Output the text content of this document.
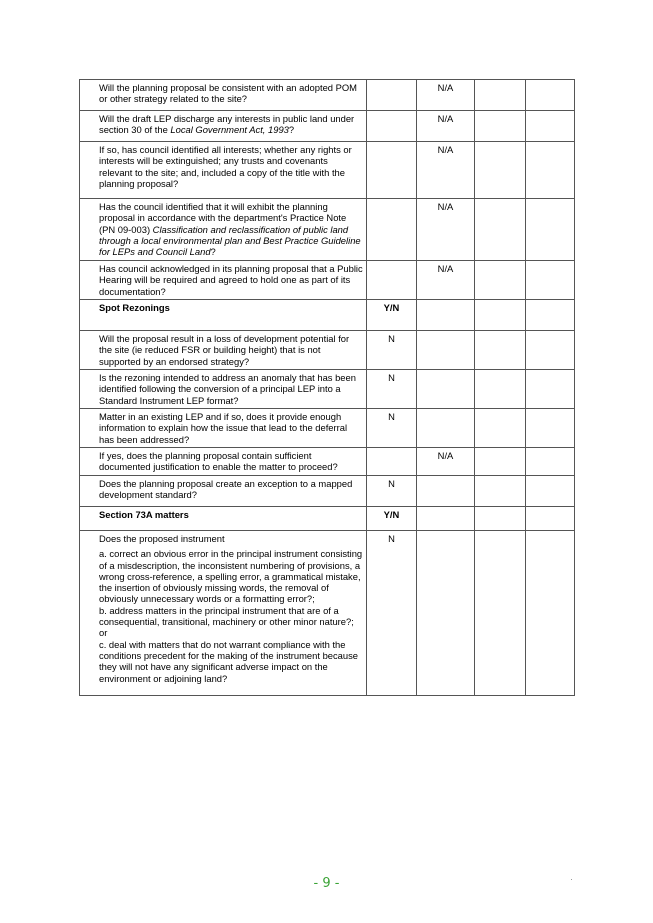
Will the planning proposal be consistent with an adopted POM or other strategy related to the site?		N/A		
Will the draft LEP discharge any interests in public land under section 30 of the Local Government Act, 1993?		N/A		
If so, has council identified all interests; whether any rights or interests will be extinguished; any trusts and covenants relevant to the site; and, included a copy of the title with the planning proposal?		N/A		
Has the council identified that it will exhibit the planning proposal in accordance with the department's Practice Note (PN 09-003) Classification and reclassification of public land through a local environmental plan and Best Practice Guideline for LEPs and Council Land?		N/A		
Has council acknowledged in its planning proposal that a Public Hearing will be required and agreed to hold one as part of its documentation?		N/A		
Spot Rezonings	Y/N			
Will the proposal result in a loss of development potential for the site (ie reduced FSR or building height) that is not supported by an endorsed strategy?	N			
Is the rezoning intended to address an anomaly that has been identified following the conversion of a principal LEP into a Standard Instrument LEP format?	N			
Matter in an existing LEP and if so, does it provide enough information to explain how the issue that lead to the deferral has been addressed?	N			
If yes, does the planning proposal contain sufficient documented justification to enable the matter to proceed?		N/A		
Does the planning proposal create an exception to a mapped development standard?	N			
Section 73A matters	Y/N			

Does the proposed instrument
a. correct an obvious error in the principal instrument consisting of a misdescription, the inconsistent numbering of provisions, a wrong cross-reference, a spelling error, a grammatical mistake, the insertion of obviously missing words, the removal of obviously unnecessary words or a formatting error?;
b. address matters in the principal instrument that are of a consequential, transitional, machinery or other minor nature?; or
c. deal with matters that do not warrant compliance with the conditions precedent for the making of the instrument because they will not have any significant adverse impact on the environment or adjoining land?	N			
- 9 -
